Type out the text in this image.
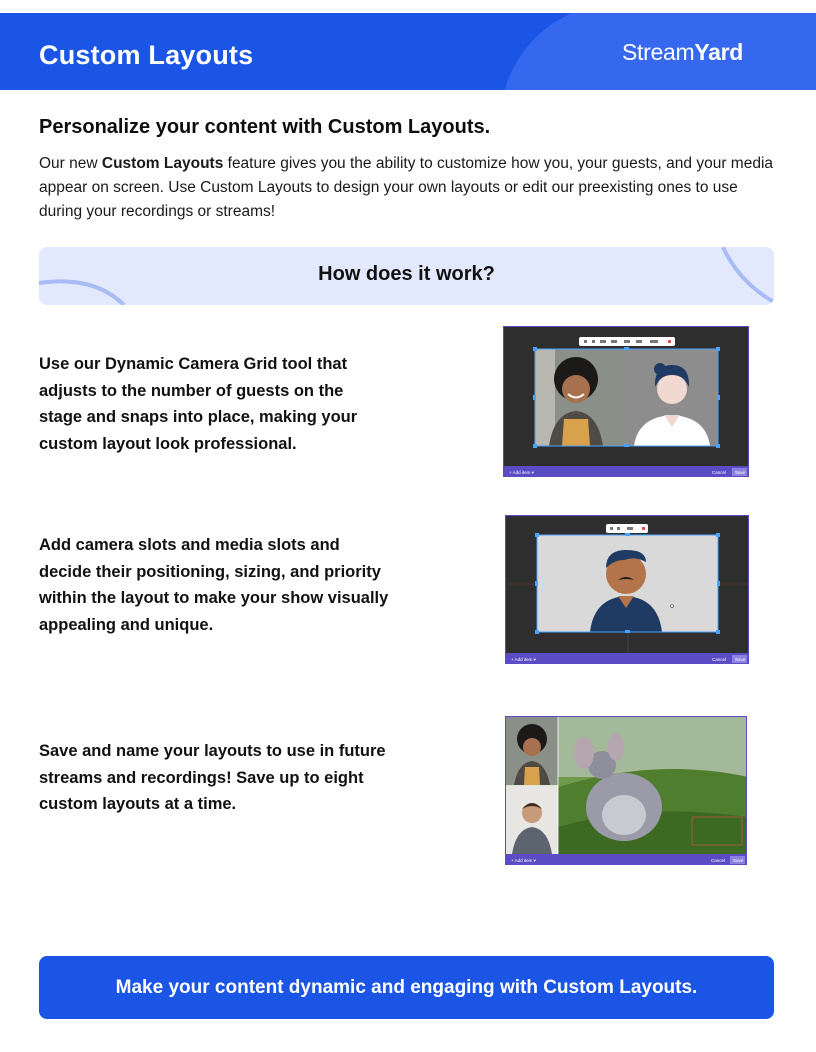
Custom Layouts	StreamYard
Personalize your content with Custom Layouts.

Our new Custom Layouts feature gives you the ability to customize how you, your guests, and your media appear on screen. Use Custom Layouts to design your own layouts or edit our preexisting ones to use during your recordings or streams!

How does it work?
Use our Dynamic Camera Grid tool that adjusts to the number of guests on the stage and snaps into place, making your custom layout look professional.
+ Add item ▾	Cancel Save
Add camera slots and media slots and decide their positioning, sizing, and priority within the layout to make your show visually appealing and unique.
+ Add item ▾	Cancel Save
Save and name your layouts to use in future streams and recordings! Save up to eight custom layouts at a time.
+ Add item ▾	Cancel Save
Make your content dynamic and engaging with Custom Layouts.
